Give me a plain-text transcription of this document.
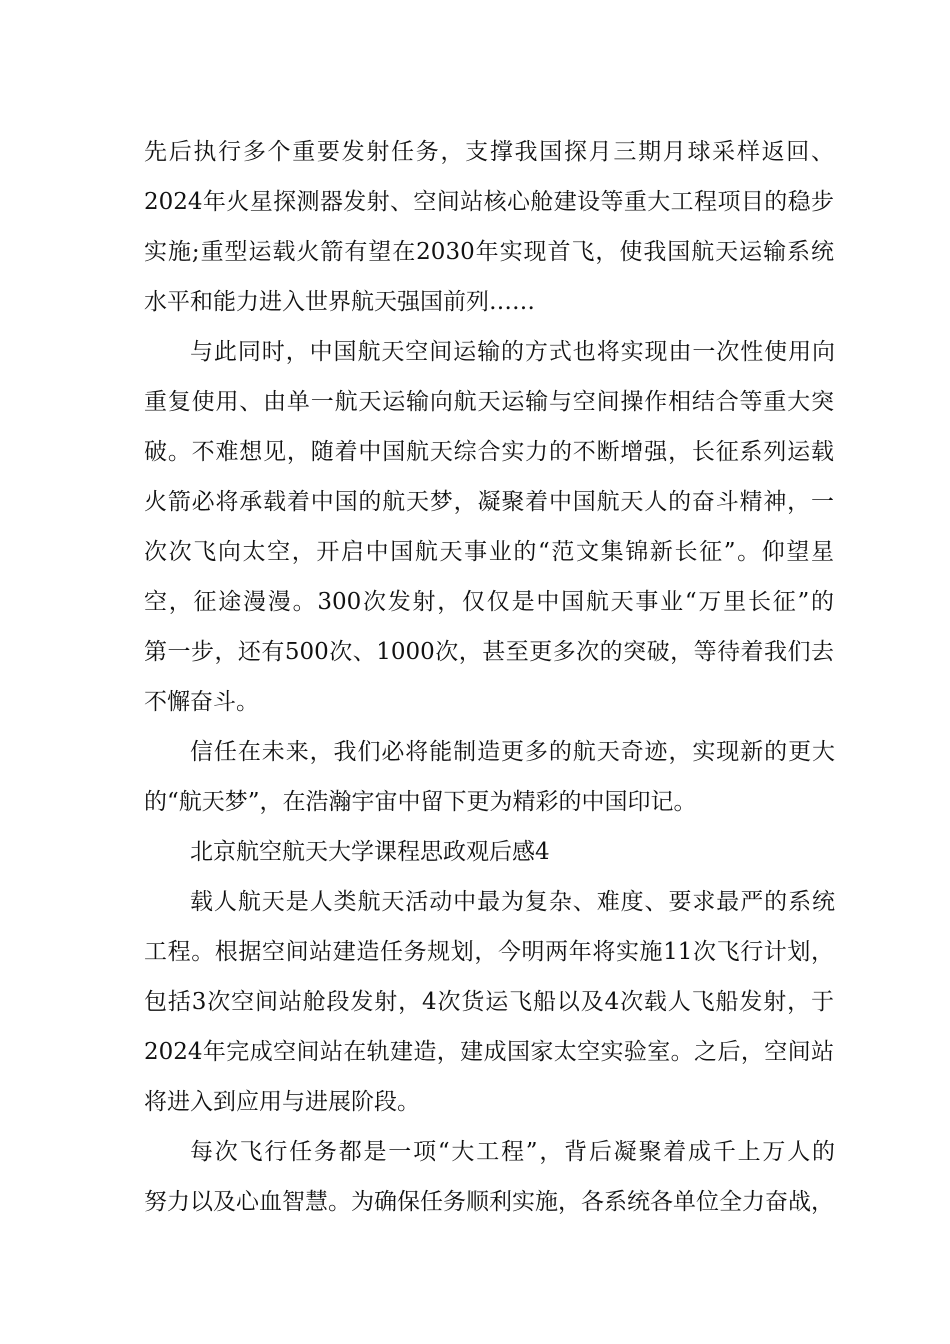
先后执行多个重要发射任务，支撑我国探月三期月球采样返回、
2024年火星探测器发射、空间站核心舱建设等重大工程项目的稳步
实施;重型运载火箭有望在2030年实现首飞，使我国航天运输系统
水平和能力进入世界航天强国前列……
与此同时，中国航天空间运输的方式也将实现由一次性使用向
重复使用、由单一航天运输向航天运输与空间操作相结合等重大突
破。不难想见，随着中国航天综合实力的不断增强，长征系列运载
火箭必将承载着中国的航天梦，凝聚着中国航天人的奋斗精神，一
次次飞向太空，开启中国航天事业的“范文集锦新长征”。仰望星
空，征途漫漫。300次发射，仅仅是中国航天事业“万里长征”的
第一步，还有500次、1000次，甚至更多次的突破，等待着我们去
不懈奋斗。
信任在未来，我们必将能制造更多的航天奇迹，实现新的更大
的“航天梦”，在浩瀚宇宙中留下更为精彩的中国印记。
北京航空航天大学课程思政观后感4
载人航天是人类航天活动中最为复杂、难度、要求最严的系统
工程。根据空间站建造任务规划，今明两年将实施11次飞行计划，
包括3次空间站舱段发射，4次货运飞船以及4次载人飞船发射，于
2024年完成空间站在轨建造，建成国家太空实验室。之后，空间站
将进入到应用与进展阶段。
每次飞行任务都是一项“大工程”，背后凝聚着成千上万人的
努力以及心血智慧。为确保任务顺利实施，各系统各单位全力奋战，
